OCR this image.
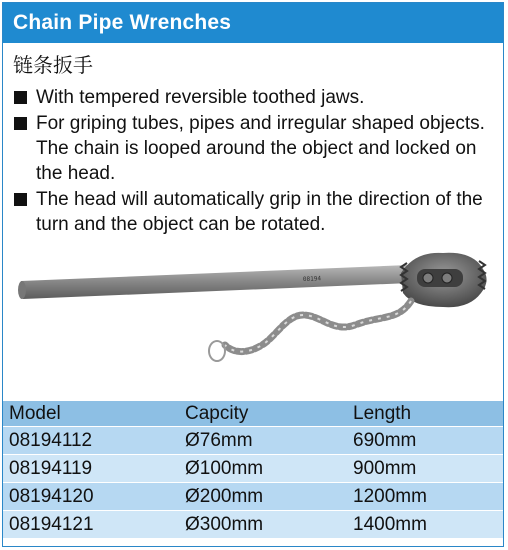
Chain Pipe Wrenches
链条扳手
With tempered reversible toothed jaws.
For griping tubes, pipes and irregular shaped objects. The chain is looped around the object and locked on the head.
The head will automatically grip in the direction of the turn and the object can be rotated.
08194
Model	Capcity	Length
08194112	Ø76mm	690mm
08194119	Ø100mm	900mm
08194120	Ø200mm	1200mm
08194121	Ø300mm	1400mm
